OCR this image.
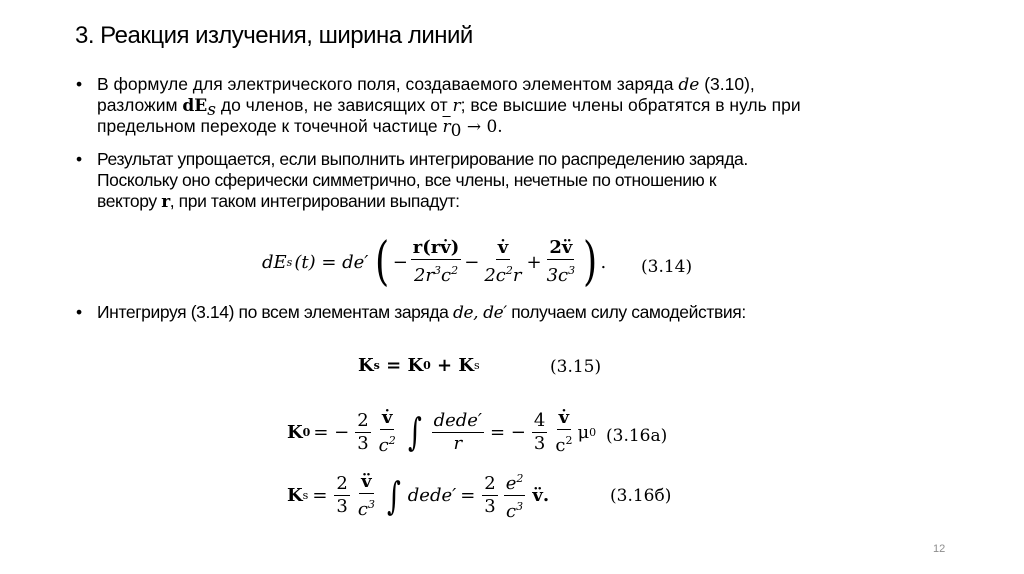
3. Реакция излучения, ширина линий
• В формуле для электрического поля, создаваемого элементом заряда de (3.10),
разложим $dE_s$ до членов, не зависящих от r; все высшие члены обратятся в нуль при
предельном переходе к точечной частице $\overline{r}_0 \to 0$.
• Результат упрощается, если выполнить интегрирование по распределению заряда.
Поскольку оно сферически симметрично, все члены, нечетные по отношению к
вектору r, при таком интегрировании выпадут:
dE s (t) = de′ ( − $\frac{r(rv̇)}{2r^3c^2} - \frac{v̇}{2c^2r} + \frac{2v̈}{3c^3}$ ) . (3.14)
• Интегрируя (3.14) по всем элементам заряда de, de′ получаем силу самодействия:
K s = K 0 + K s	(3.15)
K 0 = − $\frac{2}{3} \frac{v̇}{c^2}$ ∫ $\frac{\text{dede′}}{r}$ = − $\frac{4}{3} \frac{v̇}{c^2}$ μ 0 (3.16a)
K $s = \frac{2}{3} \frac{v̈}{c^3}$ ∫ dede′ = $\frac{2}{3} \frac{e^2}{c^3}$ v̈.	(3.16б)
12
